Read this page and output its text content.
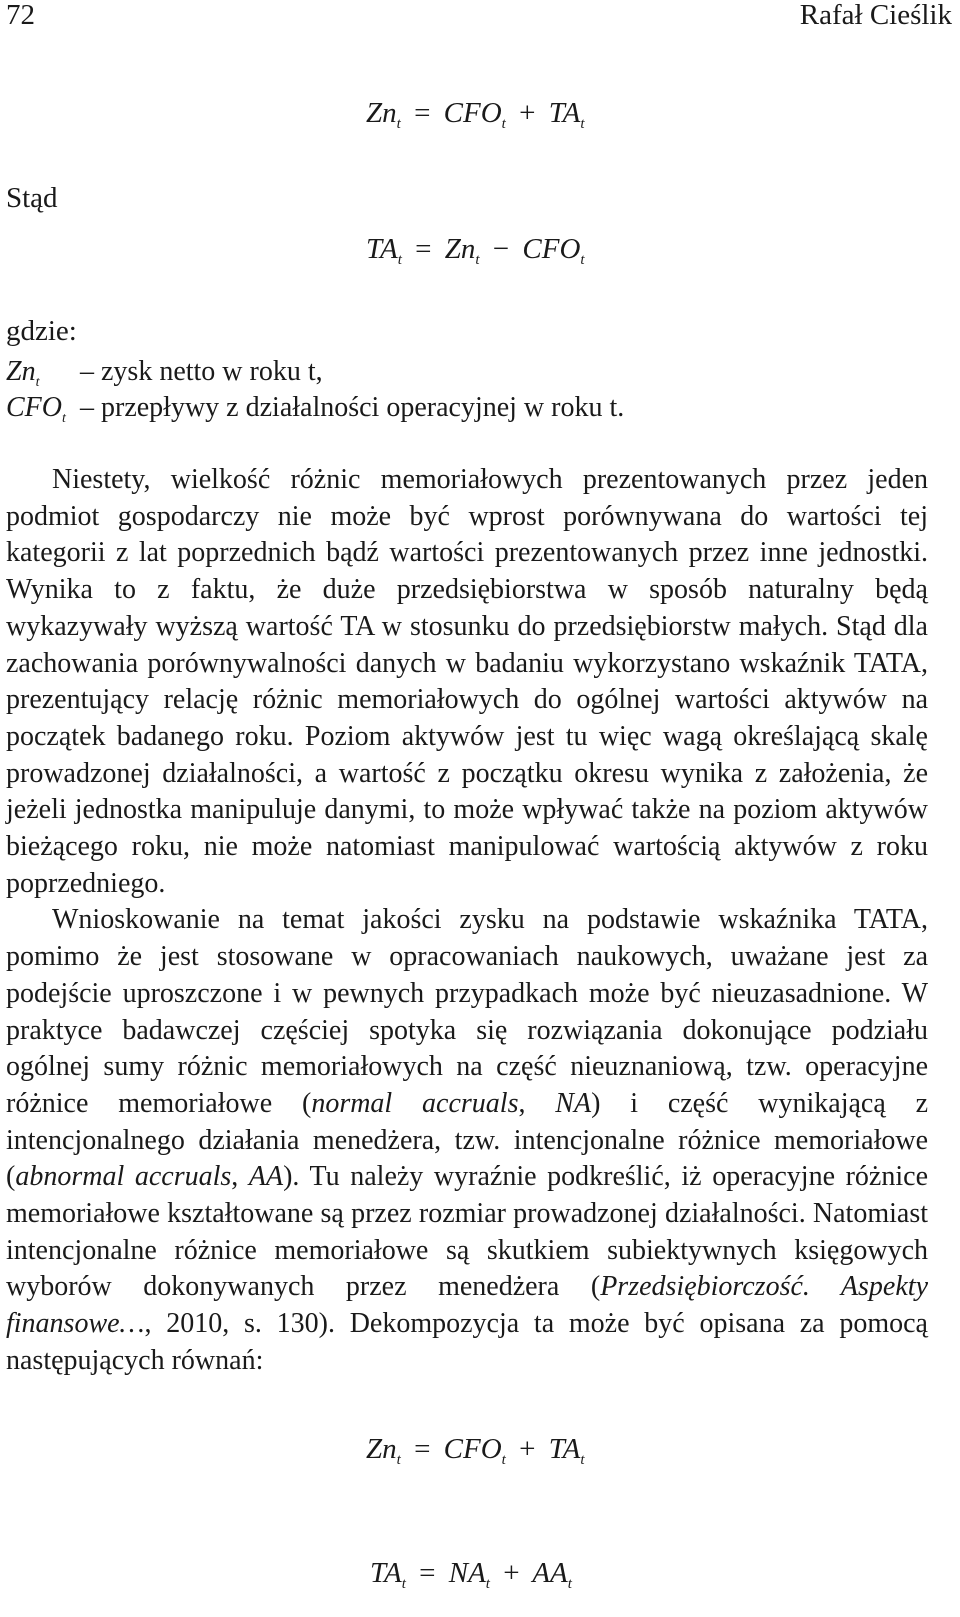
72	Rafał Cieślik
$Zn_t = CFO_t + TA_t$
Stąd
$TA_t = Zn_t - CFO_t$
gdzie:
$Zn_t$	– zysk netto w roku t,
$CFO_t$ – przepływy z działalności operacyjnej w roku t.

Niestety, wielkość różnic memoriałowych prezentowanych przez jeden podmiot gospodarczy nie może być wprost porównywana do wartości tej kategorii z lat poprzednich bądź wartości prezentowanych przez inne jednostki. Wynika to z faktu, że duże przedsiębiorstwa w sposób naturalny będą wykazywały wyższą wartość TA w stosunku do przedsiębiorstw małych. Stąd dla zachowania porównywalności danych w badaniu wykorzystano wskaźnik TATA, prezentujący relację różnic memoriałowych do ogólnej wartości aktywów na początek badanego roku. Poziom aktywów jest tu więc wagą określającą skalę prowadzonej działalności, a wartość z początku okresu wynika z założenia, że jeżeli jednostka manipuluje danymi, to może wpływać także na poziom aktywów bieżącego roku, nie może natomiast manipulować wartością aktywów z roku poprzedniego.

Wnioskowanie na temat jakości zysku na podstawie wskaźnika TATA, pomimo że jest stosowane w opracowaniach naukowych, uważane jest za podejście uproszczone i w pewnych przypadkach może być nieuzasadnione. W praktyce badawczej częściej spotyka się rozwiązania dokonujące podziału ogólnej sumy różnic memoriałowych na część nieuznaniową, tzw. operacyjne różnice memoriałowe (normal accruals, NA) i część wynikającą z intencjonalnego działania menedżera, tzw. intencjonalne różnice memoriałowe (abnormal accruals, AA). Tu należy wyraźnie podkreślić, iż operacyjne różnice memoriałowe kształtowane są przez rozmiar prowadzonej działalności. Natomiast intencjonalne różnice memoriałowe są skutkiem subiektywnych księgowych wyborów dokonywanych przez menedżera (Przedsiębiorczość. Aspekty finansowe…, 2010, s. 130). Dekompozycja ta może być opisana za pomocą następujących równań:

$Zn_t = CFO_t + TA_t$
$TA_t = NA_t + AA_t$
